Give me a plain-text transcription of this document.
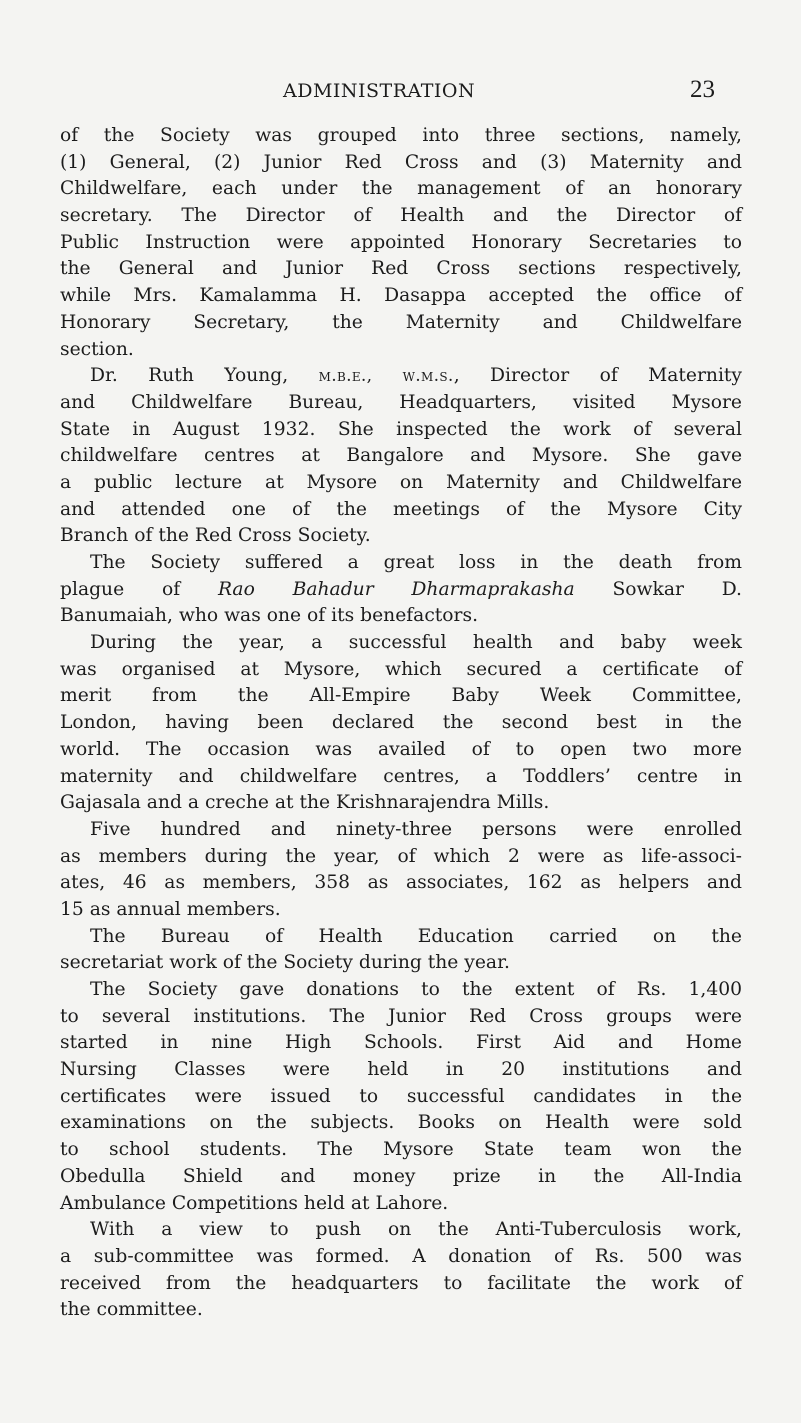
ADMINISTRATION	23
of the Society was grouped into three sections, namely,
(1) General, (2) Junior Red Cross and (3) Maternity and
Childwelfare, each under the management of an honorary
secretary. The Director of Health and the Director of
Public Instruction were appointed Honorary Secretaries to
the General and Junior Red Cross sections respectively,
while Mrs. Kamalamma H. Dasappa accepted the office of
Honorary Secretary, the Maternity and Childwelfare
section.
Dr. Ruth Young, m.b.e., w.m.s., Director of Maternity
and Childwelfare Bureau, Headquarters, visited Mysore
State in August 1932. She inspected the work of several
childwelfare centres at Bangalore and Mysore. She gave
a public lecture at Mysore on Maternity and Childwelfare
and attended one of the meetings of the Mysore City
Branch of the Red Cross Society.
The Society suffered a great loss in the death from
plague of Rao Bahadur Dharmaprakasha Sowkar D.
Banumaiah, who was one of its benefactors.
During the year, a successful health and baby week
was organised at Mysore, which secured a certificate of
merit from the All-Empire Baby Week Committee,
London, having been declared the second best in the
world. The occasion was availed of to open two more
maternity and childwelfare centres, a Toddlers’ centre in
Gajasala and a creche at the Krishnarajendra Mills.
Five hundred and ninety-three persons were enrolled
as members during the year, of which 2 were as life-associ-
ates, 46 as members, 358 as associates, 162 as helpers and
15 as annual members.
The Bureau of Health Education carried on the
secretariat work of the Society during the year.
The Society gave donations to the extent of Rs. 1,400
to several institutions. The Junior Red Cross groups were
started in nine High Schools. First Aid and Home
Nursing Classes were held in 20 institutions and
certificates were issued to successful candidates in the
examinations on the subjects. Books on Health were sold
to school students. The Mysore State team won the
Obedulla Shield and money prize in the All-India
Ambulance Competitions held at Lahore.
With a view to push on the Anti-Tuberculosis work,
a sub-committee was formed. A donation of Rs. 500 was
received from the headquarters to facilitate the work of
the committee.
